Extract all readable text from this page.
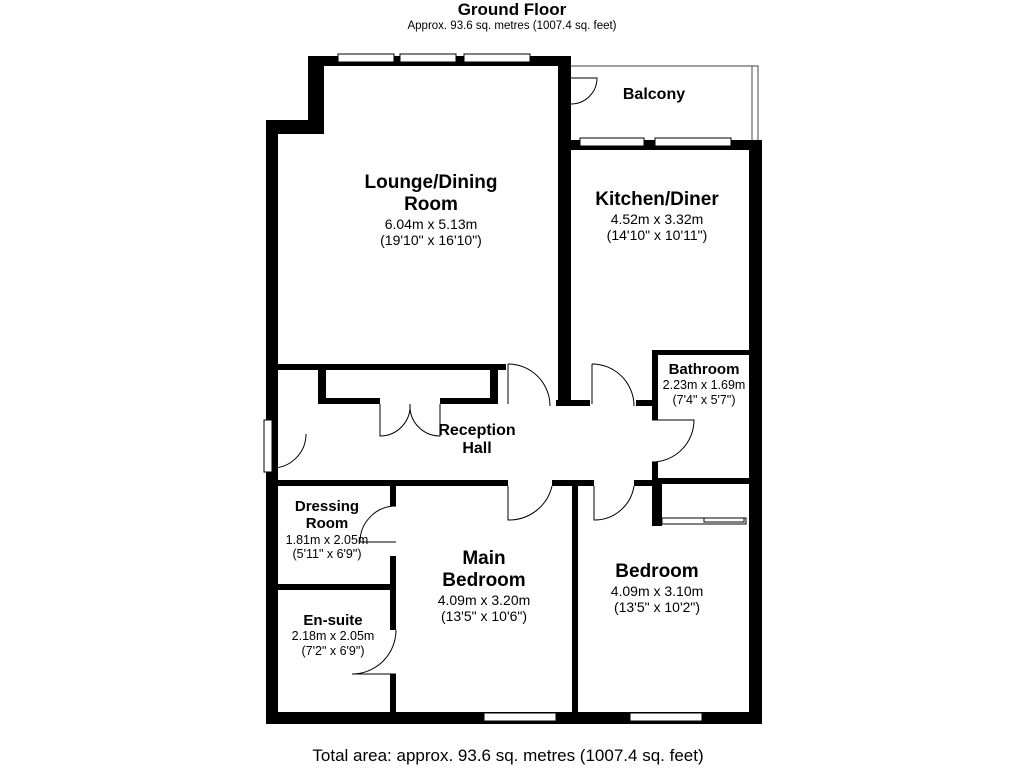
Ground Floor
Approx. 93.6 sq. metres (1007.4 sq. feet)
Lounge/Dining
Room
6.04m x 5.13m
(19'10" x 16'10")
Kitchen/Diner
4.52m x 3.32m
(14'10" x 10'11")
Balcony
Bathroom
2.23m x 1.69m
(7'4" x 5'7")
Reception
Hall
Dressing
Room
1.81m x 2.05m
(5'11" x 6'9")
En-suite
2.18m x 2.05m
(7'2" x 6'9")
Main
Bedroom
4.09m x 3.20m
(13'5" x 10'6")
Bedroom
4.09m x 3.10m
(13'5" x 10'2")
Total area: approx. 93.6 sq. metres (1007.4 sq. feet)
